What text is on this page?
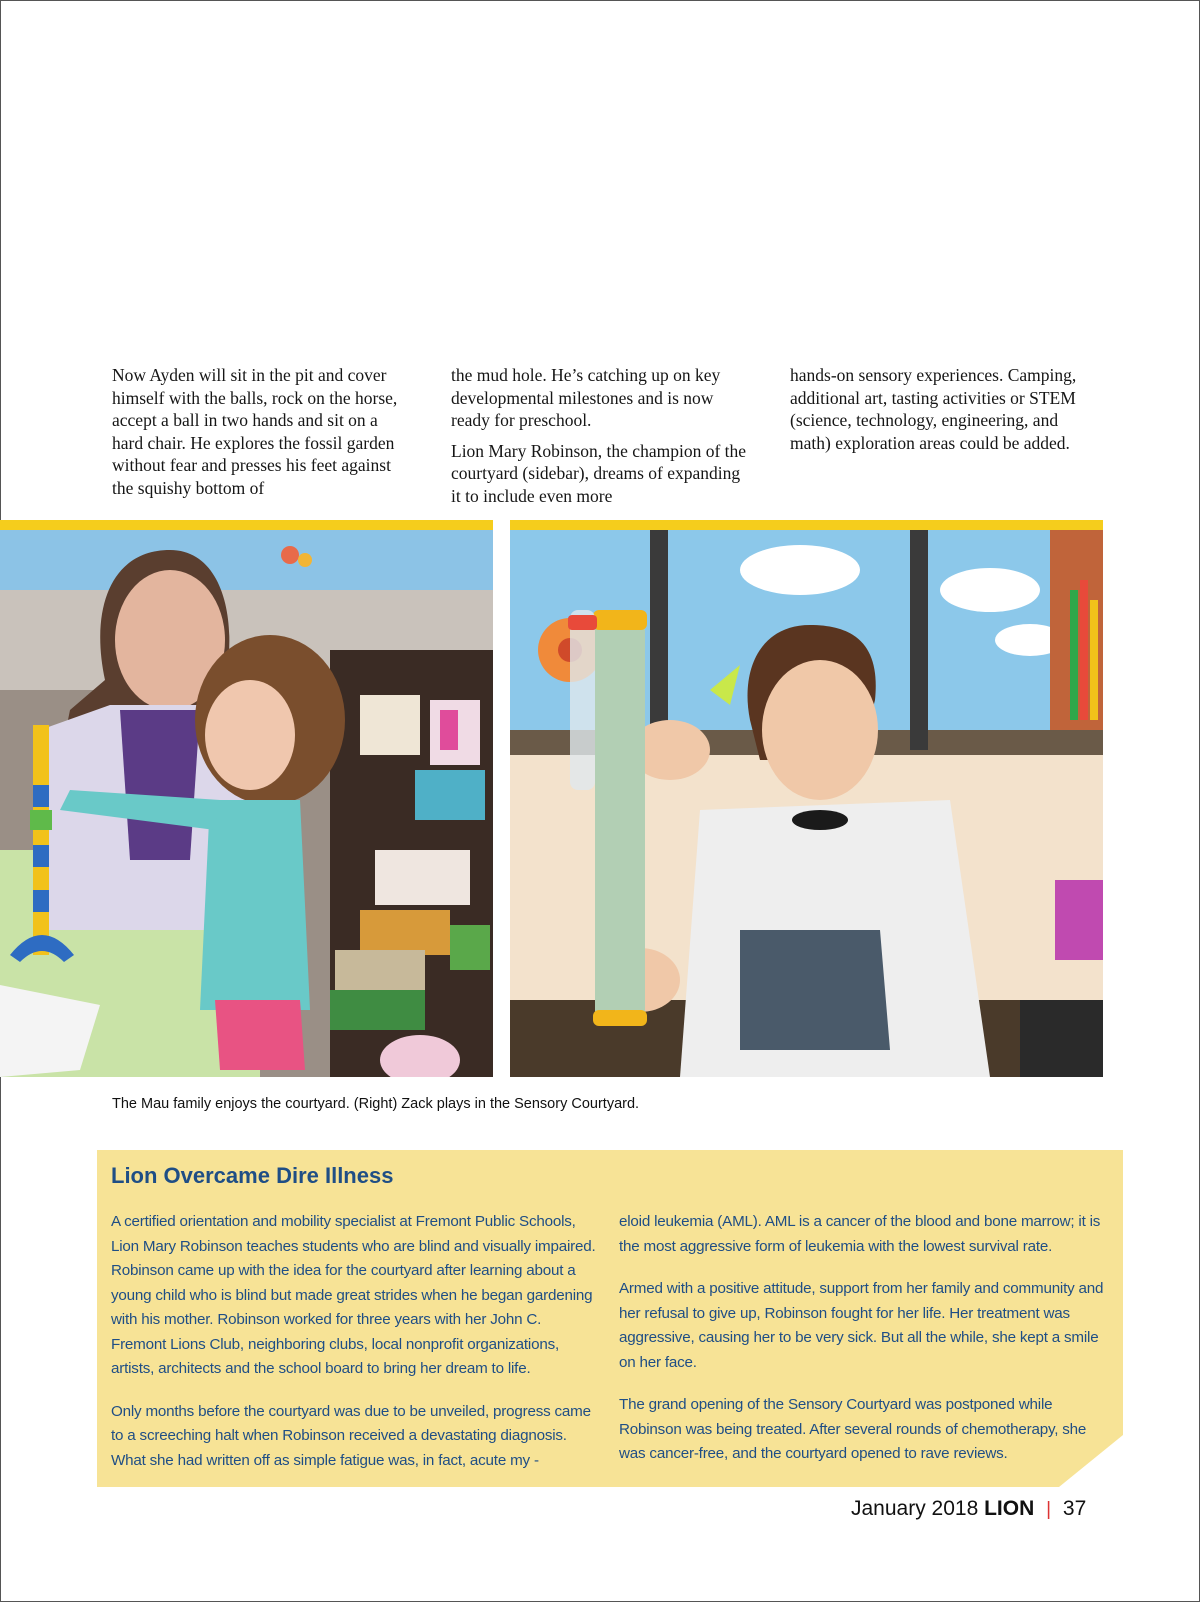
Now Ayden will sit in the pit and cover himself with the balls, rock on the horse, accept a ball in two hands and sit on a hard chair. He explores the fossil garden without fear and presses his feet against the squishy bottom of

the mud hole. He’s catching up on key developmental milestones and is now ready for preschool.

Lion Mary Robinson, the champion of the courtyard (sidebar), dreams of expanding it to include even more

hands-on sensory experiences. Camping, additional art, tasting activities or STEM (science, technology, engineering, and math) exploration areas could be added.

The Mau family enjoys the courtyard. (Right) Zack plays in the Sensory Courtyard.
Lion Overcame Dire Illness

A certified orientation and mobility specialist at Fremont Public Schools, Lion Mary Robinson teaches students who are blind and visually impaired. Robinson came up with the idea for the courtyard after learning about a young child who is blind but made great strides when he began gardening with his mother. Robinson worked for three years with her John C. Fremont Lions Club, neighboring clubs, local nonprofit organizations, artists, architects and the school board to bring her dream to life.

Only months before the courtyard was due to be unveiled, progress came to a screeching halt when Robinson received a devastating diagnosis. What she had written off as simple fatigue was, in fact, acute my -

eloid leukemia (AML). AML is a cancer of the blood and bone marrow; it is the most aggressive form of leukemia with the lowest survival rate.

Armed with a positive attitude, support from her family and community and her refusal to give up, Robinson fought for her life. Her treatment was aggressive, causing her to be very sick. But all the while, she kept a smile on her face.

The grand opening of the Sensory Courtyard was postponed while Robinson was being treated. After several rounds of chemotherapy, she was cancer-free, and the courtyard opened to rave reviews.

January 2018 LION | 37
